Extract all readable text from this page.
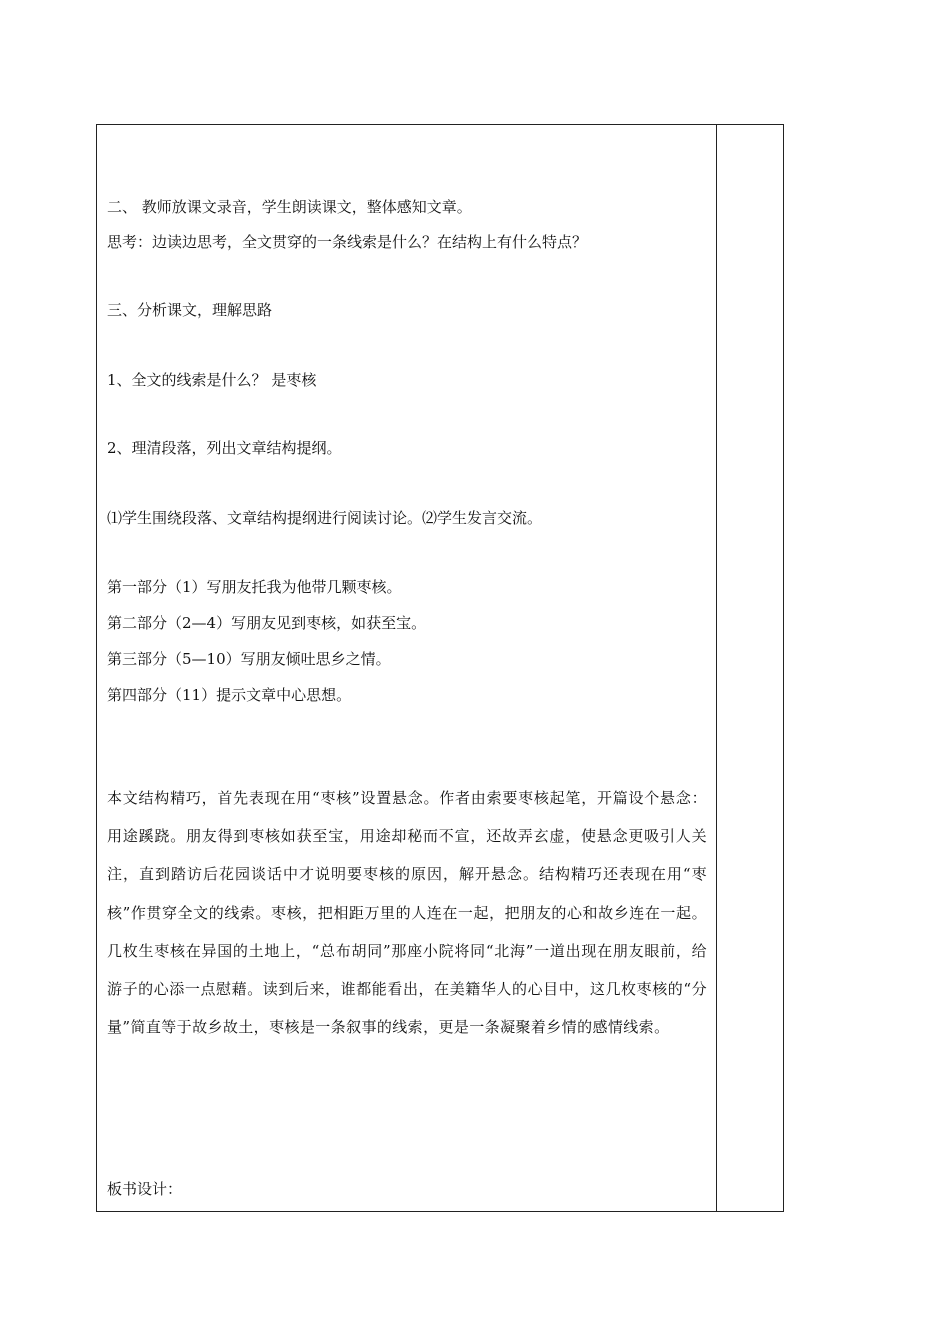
二、 教师放课文录音，学生朗读课文，整体感知文章。
思考：边读边思考，全文贯穿的一条线索是什么？在结构上有什么特点？
三、分析课文，理解思路
1、全文的线索是什么？ 是枣核
2、理清段落，列出文章结构提纲。
⑴学生围绕段落、文章结构提纲进行阅读讨论。⑵学生发言交流。
第一部分（1）写朋友托我为他带几颗枣核。
第二部分（2—4）写朋友见到枣核，如获至宝。
第三部分（5—10）写朋友倾吐思乡之情。
第四部分（11）提示文章中心思想。
本文结构精巧，首先表现在用“枣核”设置悬念。作者由索要枣核起笔，开篇设个悬念：用途蹊跷。朋友得到枣核如获至宝，用途却秘而不宣，还故弄玄虚，使悬念更吸引人关注，直到踏访后花园谈话中才说明要枣核的原因，解开悬念。结构精巧还表现在用“枣核”作贯穿全文的线索。枣核，把相距万里的人连在一起，把朋友的心和故乡连在一起。几枚生枣核在异国的土地上，“总布胡同”那座小院将同“北海”一道出现在朋友眼前，给游子的心添一点慰藉。读到后来，谁都能看出，在美籍华人的心目中，这几枚枣核的“分量”简直等于故乡故土，枣核是一条叙事的线索，更是一条凝聚着乡情的感情线索。
板书设计：
